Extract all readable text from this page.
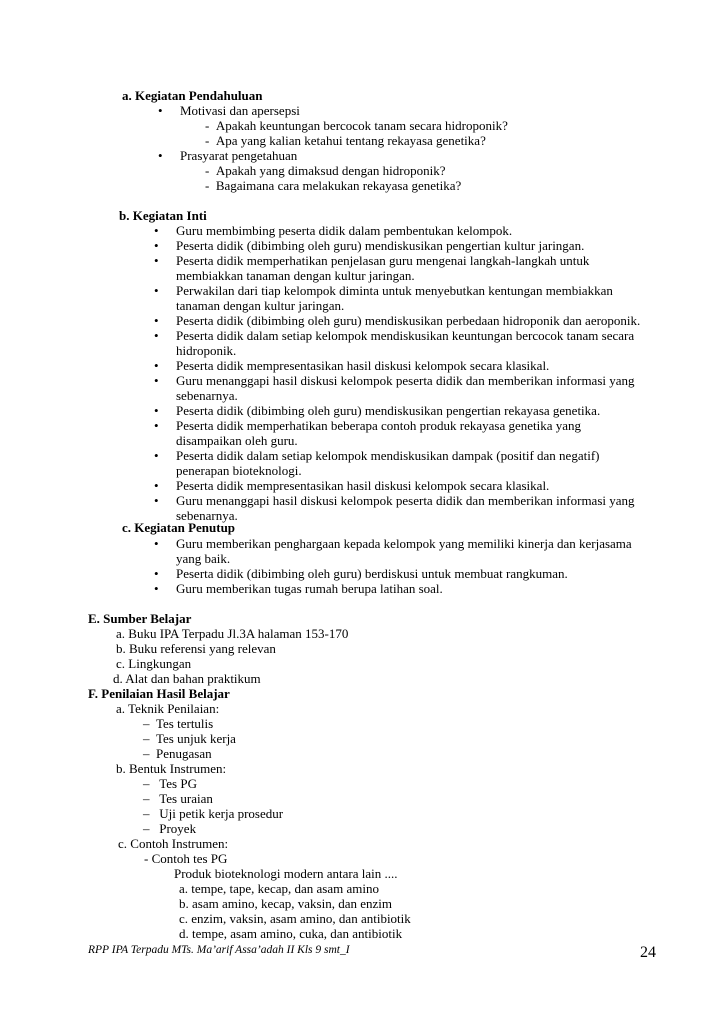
a. Kegiatan Pendahuluan
• Motivasi dan apersepsi
- Apakah keuntungan bercocok tanam secara hidroponik?
- Apa yang kalian ketahui tentang rekayasa genetika?
• Prasyarat pengetahuan
- Apakah yang dimaksud dengan hidroponik?
- Bagaimana cara melakukan rekayasa genetika?
b. Kegiatan Inti
• Guru membimbing peserta didik dalam pembentukan kelompok.
• Peserta didik (dibimbing oleh guru) mendiskusikan pengertian kultur jaringan.
• Peserta didik memperhatikan penjelasan guru mengenai langkah-langkah untuk
membiakkan tanaman dengan kultur jaringan.
• Perwakilan dari tiap kelompok diminta untuk menyebutkan kentungan membiakkan
tanaman dengan kultur jaringan.
• Peserta didik (dibimbing oleh guru) mendiskusikan perbedaan hidroponik dan aeroponik.
• Peserta didik dalam setiap kelompok mendiskusikan keuntungan bercocok tanam secara
hidroponik.
• Peserta didik mempresentasikan hasil diskusi kelompok secara klasikal.
• Guru menanggapi hasil diskusi kelompok peserta didik dan memberikan informasi yang
sebenarnya.
• Peserta didik (dibimbing oleh guru) mendiskusikan pengertian rekayasa genetika.
• Peserta didik memperhatikan beberapa contoh produk rekayasa genetika yang
disampaikan oleh guru.
• Peserta didik dalam setiap kelompok mendiskusikan dampak (positif dan negatif)
penerapan bioteknologi.
• Peserta didik mempresentasikan hasil diskusi kelompok secara klasikal.
• Guru menanggapi hasil diskusi kelompok peserta didik dan memberikan informasi yang
sebenarnya.
c. Kegiatan Penutup
• Guru memberikan penghargaan kepada kelompok yang memiliki kinerja dan kerjasama
yang baik.
• Peserta didik (dibimbing oleh guru) berdiskusi untuk membuat rangkuman.
• Guru memberikan tugas rumah berupa latihan soal.
E. Sumber Belajar
a. Buku IPA Terpadu Jl.3A halaman 153-170
b. Buku referensi yang relevan
c. Lingkungan
d. Alat dan bahan praktikum
F. Penilaian Hasil Belajar
a. Teknik Penilaian:
–  Tes tertulis
–  Tes unjuk kerja
–  Penugasan
b. Bentuk Instrumen:
–   Tes PG
–   Tes uraian
–   Uji petik kerja prosedur
–   Proyek
c. Contoh Instrumen:
- Contoh tes PG
Produk bioteknologi modern antara lain ....
a. tempe, tape, kecap, dan asam amino
b. asam amino, kecap, vaksin, dan enzim
c. enzim, vaksin, asam amino, dan antibiotik
d. tempe, asam amino, cuka, dan antibiotik
RPP IPA Terpadu MTs. Ma’arif Assa’adah II Kls 9 smt_I	24
